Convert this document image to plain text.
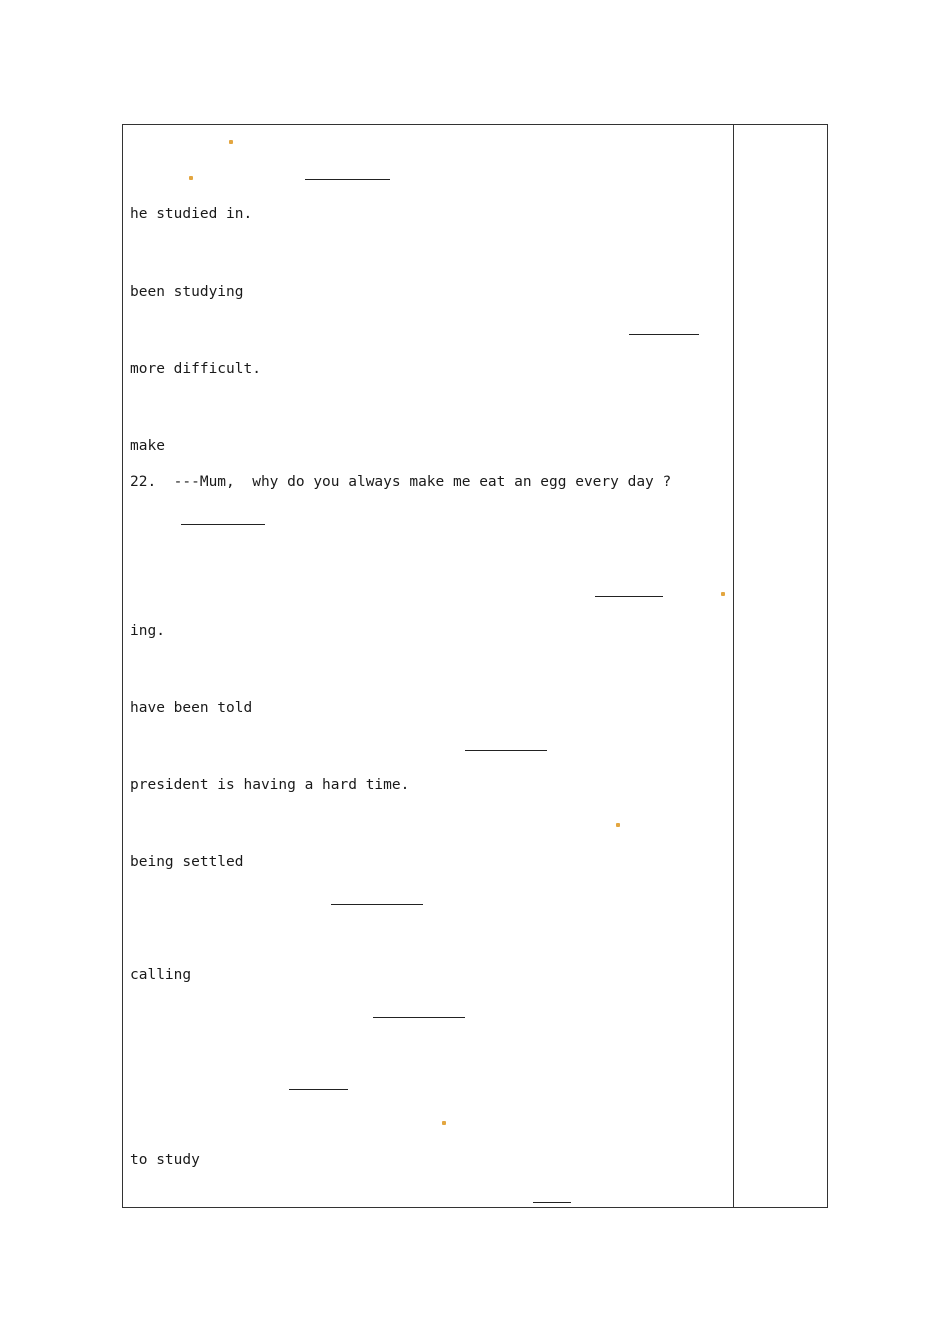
he studied in.

been studying

more difficult.

make
22.  ---Mum,  why do you always make me eat an egg every day ?

ing.

have been told

president is having a hard time.

being settled

calling

to study
